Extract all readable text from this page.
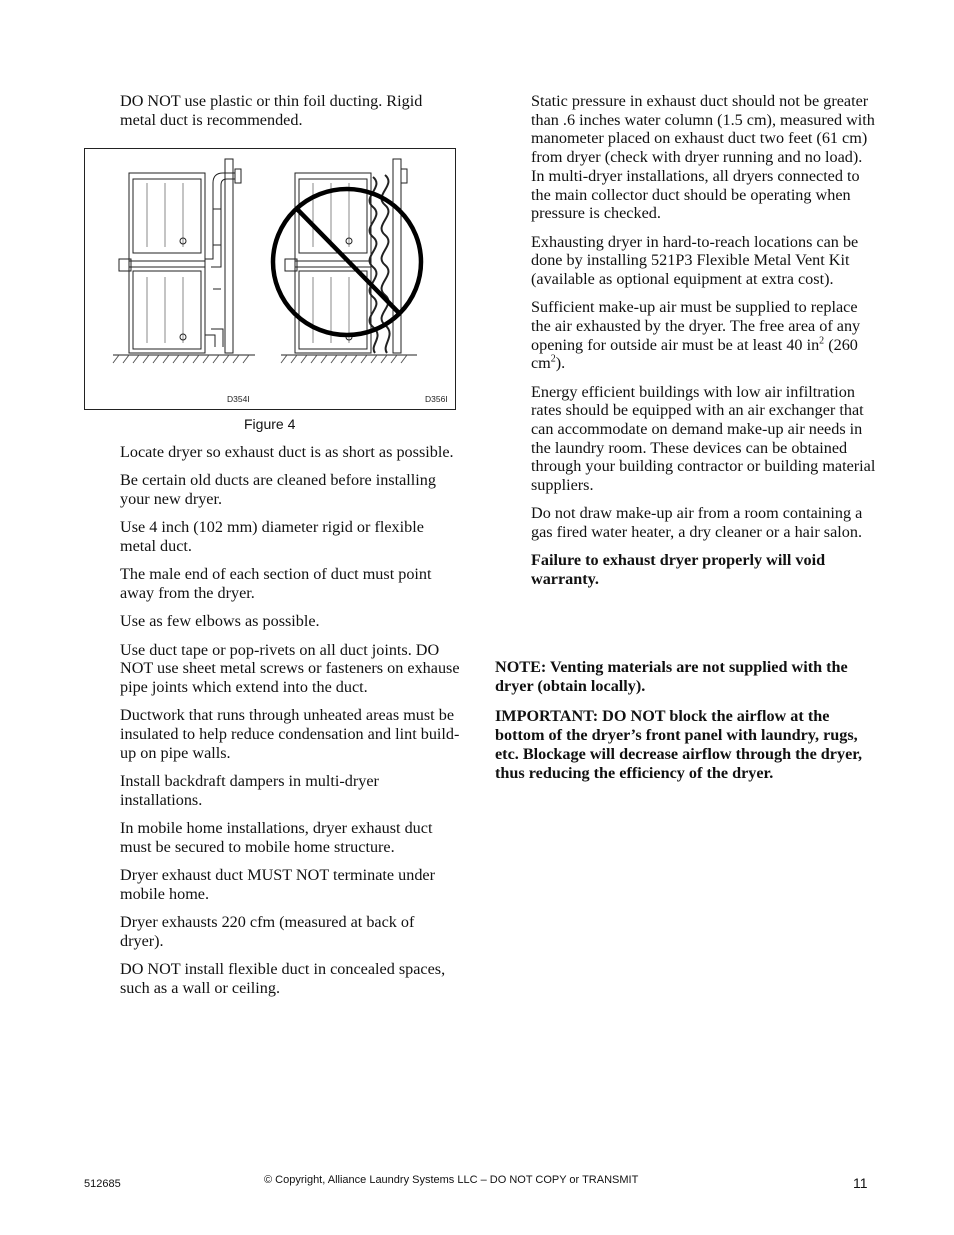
DO NOT use plastic or thin foil ducting. Rigid metal duct is recommended.

D354I	D356I
Figure 4

Locate dryer so exhaust duct is as short as possible.

Be certain old ducts are cleaned before installing your new dryer.

Use 4 inch (102 mm) diameter rigid or flexible metal duct.

The male end of each section of duct must point away from the dryer.

Use as few elbows as possible.

Use duct tape or pop-rivets on all duct joints. DO NOT use sheet metal screws or fasteners on exhause pipe joints which extend into the duct.

Ductwork that runs through unheated areas must be insulated to help reduce condensation and lint build-up on pipe walls.

Install backdraft dampers in multi-dryer installations.

In mobile home installations, dryer exhaust duct must be secured to mobile home structure.

Dryer exhaust duct MUST NOT terminate under mobile home.

Dryer exhausts 220 cfm (measured at back of dryer).

DO NOT install flexible duct in concealed spaces, such as a wall or ceiling.

Static pressure in exhaust duct should not be greater than .6 inches water column (1.5 cm), measured with manometer placed on exhaust duct two feet (61 cm) from dryer (check with dryer running and no load). In multi-dryer installations, all dryers connected to the main collector duct should be operating when pressure is checked.

Exhausting dryer in hard-to-reach locations can be done by installing 521P3 Flexible Metal Vent Kit (available as optional equipment at extra cost).

Sufficient make-up air must be supplied to replace the air exhausted by the dryer. The free area of any opening for outside air must be at least 40 $in^2$ (260 $cm^2$).

Energy efficient buildings with low air infiltration rates should be equipped with an air exchanger that can accommodate on demand make-up air needs in the laundry room. These devices can be obtained through your building contractor or building material suppliers.

Do not draw make-up air from a room containing a gas fired water heater, a dry cleaner or a hair salon.

Failure to exhaust dryer properly will void warranty.

NOTE: Venting materials are not supplied with the dryer (obtain locally).

IMPORTANT: DO NOT block the airflow at the bottom of the dryer’s front panel with laundry, rugs, etc. Blockage will decrease airflow through the dryer, thus reducing the efficiency of the dryer.

512685	© Copyright, Alliance Laundry Systems LLC – DO NOT COPY or TRANSMIT	11
